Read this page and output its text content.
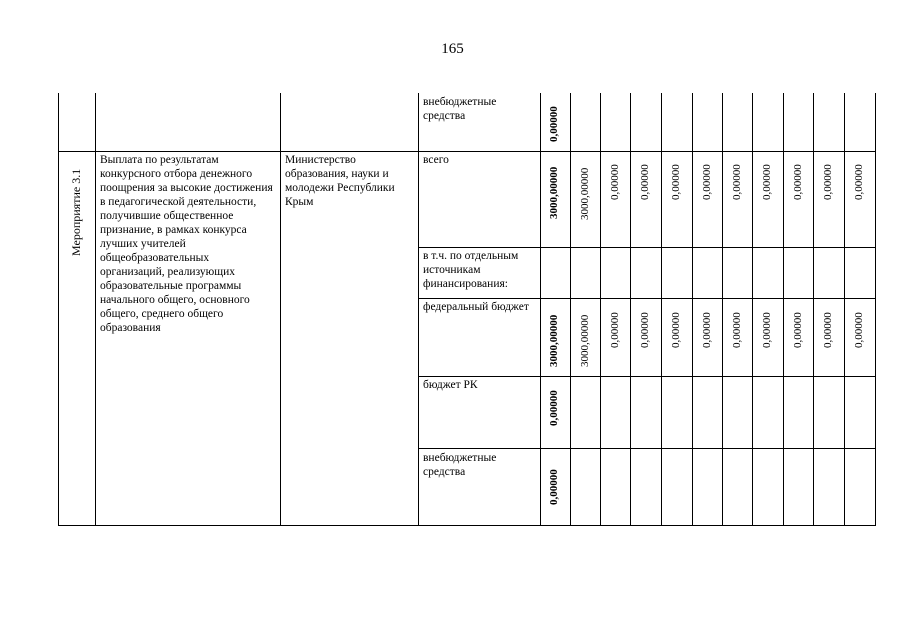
165
внебюджетные средства	0,00000
Мероприятие 3.1
Выплата по результатам конкурсного отбора денежного поощрения за высокие достижения в педагогической деятельности, получившие общественное признание, в рамках конкурса лучших учителей общеобразовательных организаций, реализующих образовательные программы начального общего, основного общего, среднего общего образования
Министерство образования, науки и молодежи Республики Крым
всего
3000,00000 3000,00000 0,00000 0,00000 0,00000 0,00000 0,00000 0,00000 0,00000 0,00000 0,00000
в т.ч. по отдельным источникам финансирования:
федеральный бюджет
3000,00000 3000,00000 0,00000 0,00000 0,00000 0,00000 0,00000 0,00000 0,00000 0,00000 0,00000
бюджет РК
0,00000
внебюджетные средства	0,00000
